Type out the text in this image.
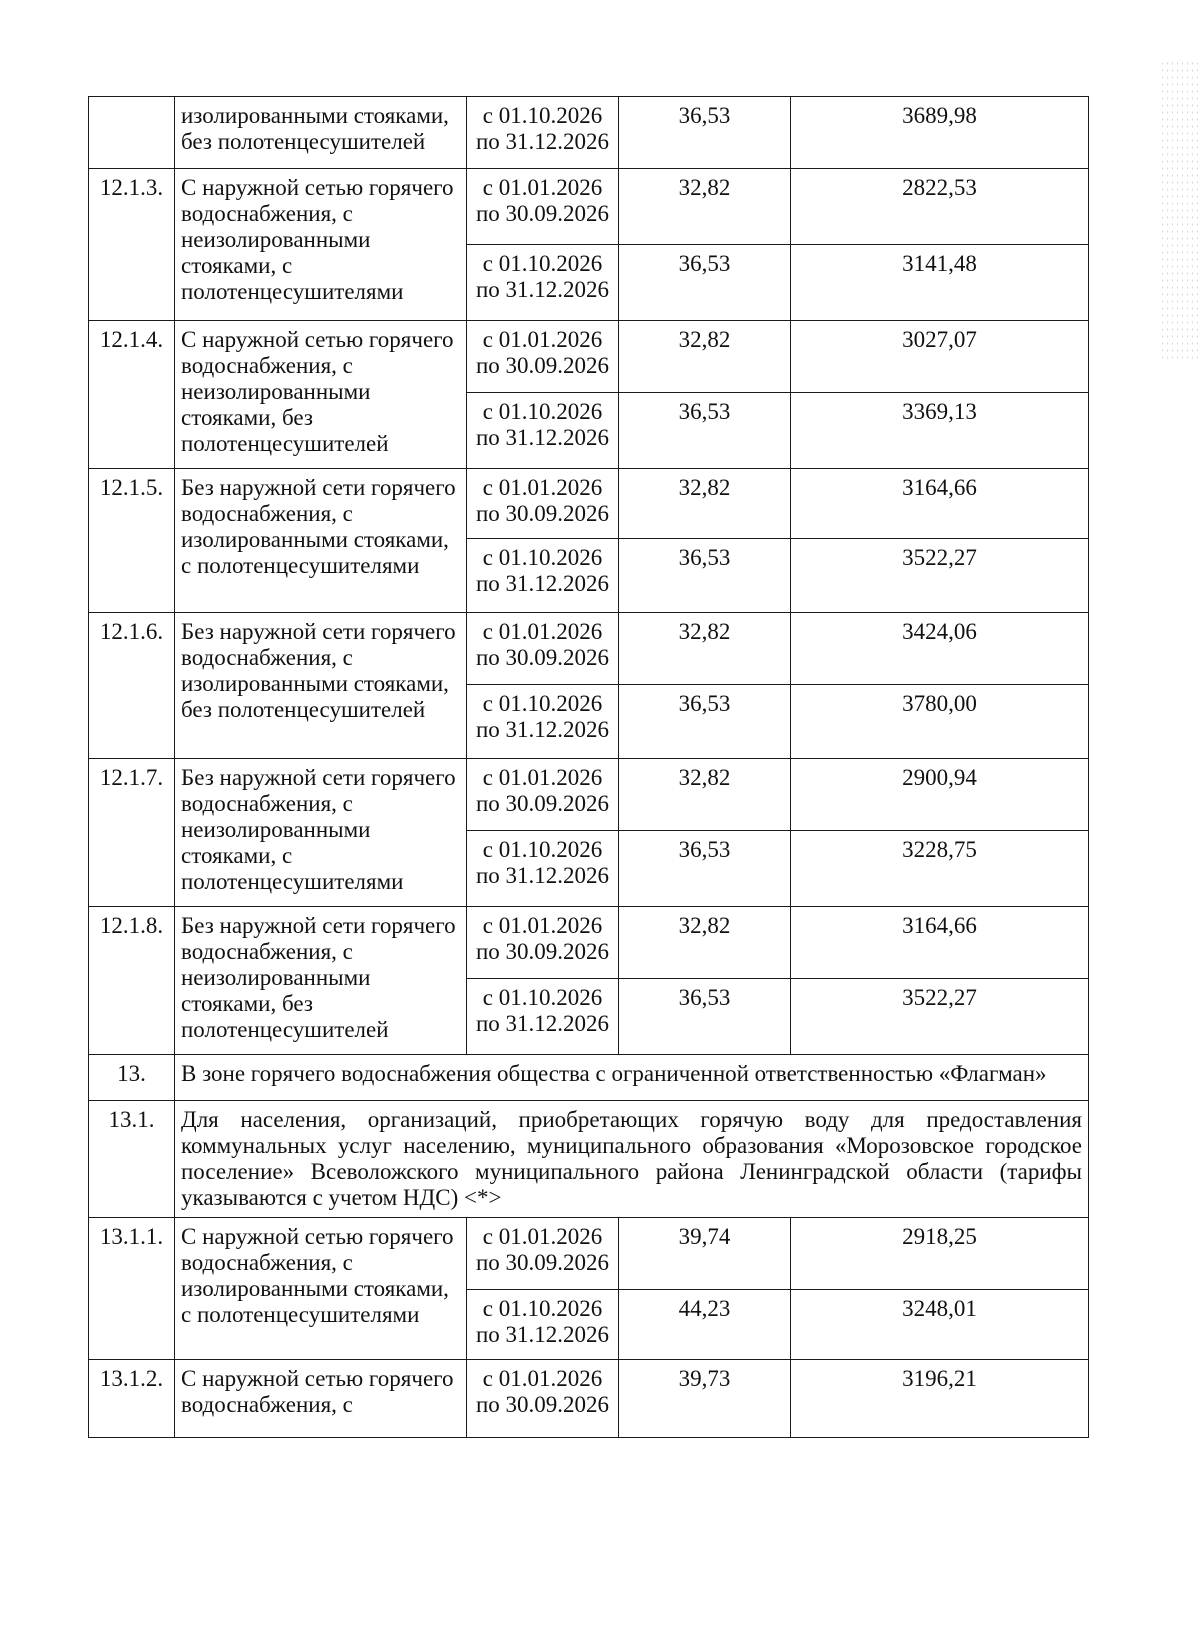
	изолированными стояками,
без полотенцесушителей	с 01.10.2026
по 31.12.2026	36,53	3689,98
12.1.3.	С наружной сетью горячего
водоснабжения, с
неизолированными
стояками, с
полотенцесушителями	с 01.01.2026
по 30.09.2026	32,82	2822,53

		с 01.10.2026
по 31.12.2026	36,53	3141,48
12.1.4.	С наружной сетью горячего
водоснабжения, с
неизолированными
стояками, без
полотенцесушителей	с 01.01.2026
по 30.09.2026	32,82	3027,07

		с 01.10.2026
по 31.12.2026	36,53	3369,13
12.1.5.	Без наружной сети горячего
водоснабжения, с
изолированными стояками,
с полотенцесушителями	с 01.01.2026
по 30.09.2026	32,82	3164,66

		с 01.10.2026
по 31.12.2026	36,53	3522,27
12.1.6.	Без наружной сети горячего
водоснабжения, с
изолированными стояками,
без полотенцесушителей	с 01.01.2026
по 30.09.2026	32,82	3424,06

		с 01.10.2026
по 31.12.2026	36,53	3780,00
12.1.7.	Без наружной сети горячего
водоснабжения, с
неизолированными
стояками, с
полотенцесушителями	с 01.01.2026
по 30.09.2026	32,82	2900,94

		с 01.10.2026
по 31.12.2026	36,53	3228,75
12.1.8.	Без наружной сети горячего
водоснабжения, с
неизолированными
стояками, без
полотенцесушителей	с 01.01.2026
по 30.09.2026	32,82	3164,66

		с 01.10.2026
по 31.12.2026	36,53	3522,27
13.	В зоне горячего водоснабжения общества с ограниченной ответственностью «Флагман»			
13.1.	Для населения, организаций, приобретающих горячую воду для предоставления коммунальных услуг населению, муниципального образования «Морозовское городское поселение» Всеволожского муниципального района Ленинградской области (тарифы указываются с учетом НДС) <*>			
13.1.1.	С наружной сетью горячего
водоснабжения, с
изолированными стояками,
с полотенцесушителями	с 01.01.2026
по 30.09.2026	39,74	2918,25

		с 01.10.2026
по 31.12.2026	44,23	3248,01
13.1.2.	С наружной сетью горячего
водоснабжения, с	с 01.01.2026
по 30.09.2026	39,73	3196,21
